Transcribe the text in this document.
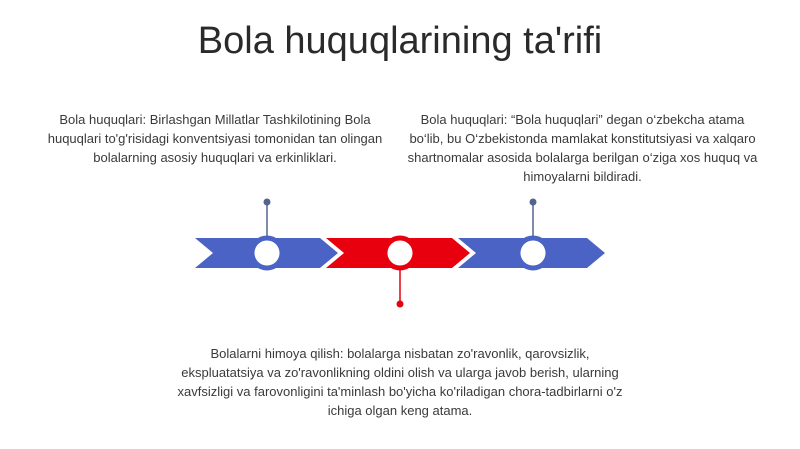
Bola huquqlarining ta'rifi
Bola huquqlari: Birlashgan Millatlar Tashkilotining Bola huquqlari to'g'risidagi konventsiyasi tomonidan tan olingan bolalarning asosiy huquqlari va erkinliklari.
Bola huquqlari: “Bola huquqlari” degan o‘zbekcha atama bo‘lib, bu O‘zbekistonda mamlakat konstitutsiyasi va xalqaro shartnomalar asosida bolalarga berilgan o‘ziga xos huquq va himoyalarni bildiradi.
Bolalarni himoya qilish: bolalarga nisbatan zo'ravonlik, qarovsizlik, ekspluatatsiya va zo'ravonlikning oldini olish va ularga javob berish, ularning xavfsizligi va farovonligini ta'minlash bo'yicha ko'riladigan chora-tadbirlarni o'z ichiga olgan keng atama.
